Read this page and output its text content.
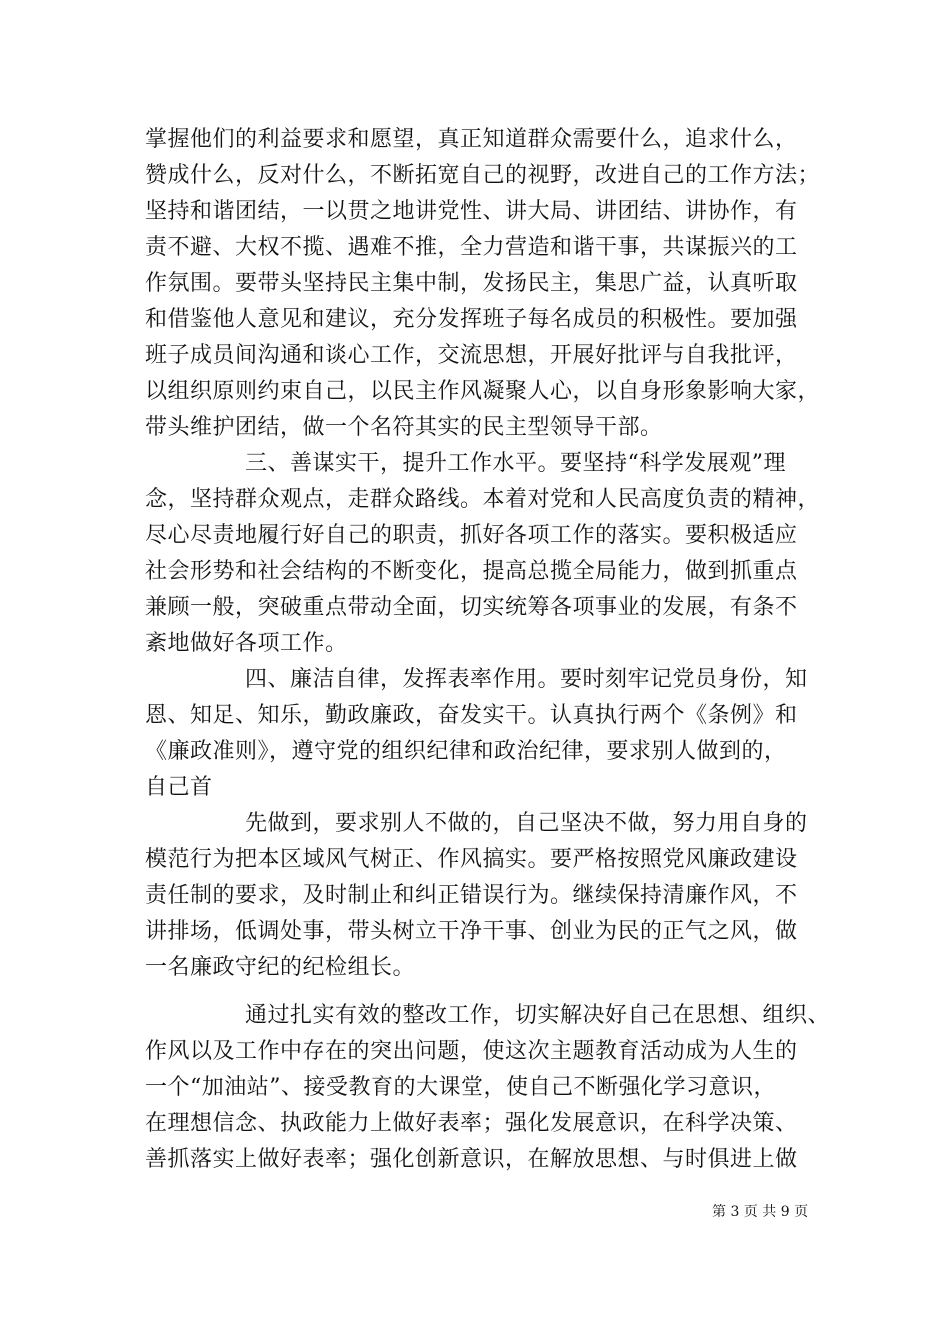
掌握他们的利益要求和愿望，真正知道群众需要什么，追求什么，
赞成什么，反对什么，不断拓宽自己的视野，改进自己的工作方法；
坚持和谐团结，一以贯之地讲党性、讲大局、讲团结、讲协作，有
责不避、大权不揽、遇难不推，全力营造和谐干事，共谋振兴的工
作氛围。要带头坚持民主集中制，发扬民主，集思广益，认真听取
和借鉴他人意见和建议，充分发挥班子每名成员的积极性。要加强
班子成员间沟通和谈心工作，交流思想，开展好批评与自我批评，
以组织原则约束自己，以民主作风凝聚人心，以自身形象影响大家，
带头维护团结，做一个名符其实的民主型领导干部。
三、善谋实干，提升工作水平。要坚持“科学发展观”理
念，坚持群众观点，走群众路线。本着对党和人民高度负责的精神，
尽心尽责地履行好自己的职责，抓好各项工作的落实。要积极适应
社会形势和社会结构的不断变化，提高总揽全局能力，做到抓重点
兼顾一般，突破重点带动全面，切实统筹各项事业的发展，有条不
紊地做好各项工作。
四、廉洁自律，发挥表率作用。要时刻牢记党员身份，知
恩、知足、知乐，勤政廉政，奋发实干。认真执行两个《条例》和
《廉政准则》，遵守党的组织纪律和政治纪律，要求别人做到的，
自己首
先做到，要求别人不做的，自己坚决不做，努力用自身的
模范行为把本区域风气树正、作风搞实。要严格按照党风廉政建设
责任制的要求，及时制止和纠正错误行为。继续保持清廉作风，不
讲排场，低调处事，带头树立干净干事、创业为民的正气之风，做
一名廉政守纪的纪检组长。
通过扎实有效的整改工作，切实解决好自己在思想、组织、
作风以及工作中存在的突出问题，使这次主题教育活动成为人生的
一个“加油站”、接受教育的大课堂，使自己不断强化学习意识，
在理想信念、执政能力上做好表率；强化发展意识，在科学决策、
善抓落实上做好表率；强化创新意识，在解放思想、与时俱进上做
第 3 页 共 9 页
